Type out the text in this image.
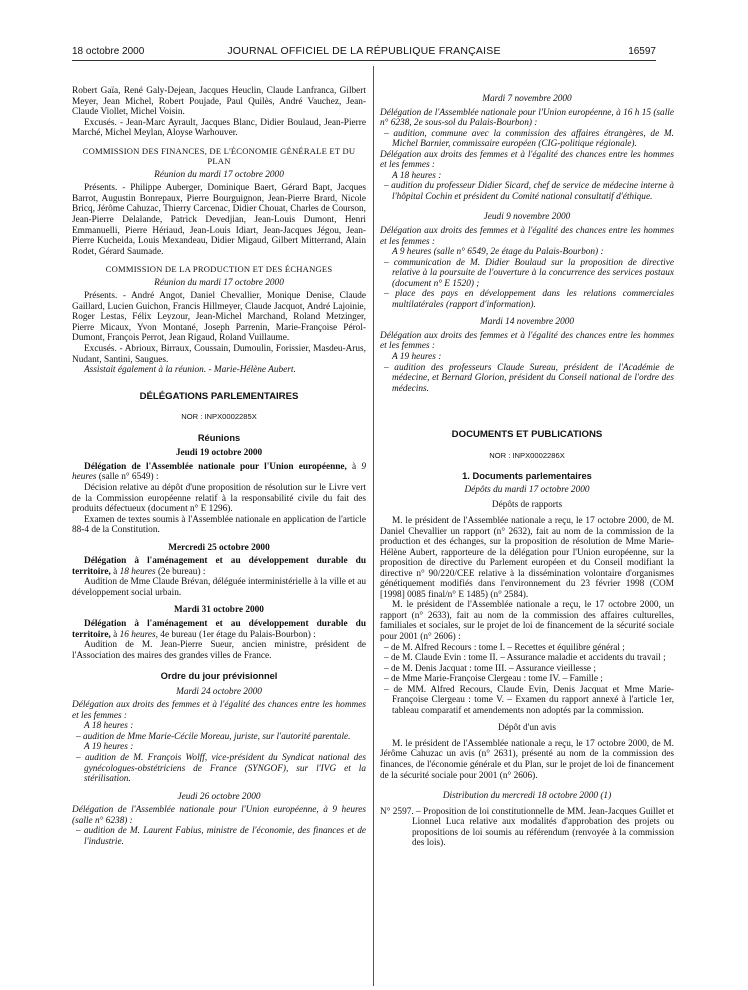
18 octobre 2000	JOURNAL OFFICIEL DE LA RÉPUBLIQUE FRANÇAISE	16597

Robert Gaïa, René Galy-Dejean, Jacques Heuclin, Claude Lanfranca, Gilbert Meyer, Jean Michel, Robert Poujade, Paul Quilès, André Vauchez, Jean-Claude Viollet, Michel Voisin.

Excusés. - Jean-Marc Ayrault, Jacques Blanc, Didier Boulaud, Jean-Pierre Marché, Michel Meylan, Aloyse Warhouver.

COMMISSION DES FINANCES, DE L'ÉCONOMIE GÉNÉRALE ET DU PLAN

Réunion du mardi 17 octobre 2000

Présents. - Philippe Auberger, Dominique Baert, Gérard Bapt, Jacques Barrot, Augustin Bonrepaux, Pierre Bourguignon, Jean-Pierre Brard, Nicole Bricq, Jérôme Cahuzac, Thierry Carcenac, Didier Chouat, Charles de Courson, Jean-Pierre Delalande, Patrick Devedjian, Jean-Louis Dumont, Henri Emmanuelli, Pierre Hériaud, Jean-Louis Idiart, Jean-Jacques Jégou, Jean-Pierre Kucheida, Louis Mexandeau, Didier Migaud, Gilbert Mitterrand, Alain Rodet, Gérard Saumade.

COMMISSION DE LA PRODUCTION ET DES ÉCHANGES

Réunion du mardi 17 octobre 2000

Présents. - André Angot, Daniel Chevallier, Monique Denise, Claude Gaillard, Lucien Guichon, Francis Hillmeyer, Claude Jacquot, André Lajoinie, Roger Lestas, Félix Leyzour, Jean-Michel Marchand, Roland Metzinger, Pierre Micaux, Yvon Montané, Joseph Parrenin, Marie-Françoise Pérol-Dumont, François Perrot, Jean Rigaud, Roland Vuillaume.

Excusés. - Abrioux, Birraux, Coussain, Dumoulin, Forissier, Masdeu-Arus, Nudant, Santini, Saugues.

Assistait également à la réunion. - Marie-Hélène Aubert.

DÉLÉGATIONS PARLEMENTAIRES

NOR : INPX0002285X

Réunions

Jeudi 19 octobre 2000

Délégation de l'Assemblée nationale pour l'Union européenne, à 9 heures (salle n° 6549) :

Décision relative au dépôt d'une proposition de résolution sur le Livre vert de la Commission européenne relatif à la responsabilité civile du fait des produits défectueux (document n° E 1296).

Examen de textes soumis à l'Assemblée nationale en application de l'article 88-4 de la Constitution.

Mercredi 25 octobre 2000

Délégation à l'aménagement et au développement durable du territoire, à 18 heures (2e bureau) :

Audition de Mme Claude Brévan, déléguée interministérielle à la ville et au développement social urbain.

Mardi 31 octobre 2000

Délégation à l'aménagement et au développement durable du territoire, à 16 heures, 4e bureau (1er étage du Palais-Bourbon) :

Audition de M. Jean-Pierre Sueur, ancien ministre, président de l'Association des maires des grandes villes de France.

Ordre du jour prévisionnel

Mardi 24 octobre 2000

Délégation aux droits des femmes et à l'égalité des chances entre les hommes et les femmes :

A 18 heures :

– audition de Mme Marie-Cécile Moreau, juriste, sur l'autorité parentale.

A 19 heures :

– audition de M. François Wolff, vice-président du Syndicat national des gynécologues-obstétriciens de France (SYNGOF), sur l'IVG et la stérilisation.

Jeudi 26 octobre 2000

Délégation de l'Assemblée nationale pour l'Union européenne, à 9 heures (salle n° 6238) :

– audition de M. Laurent Fabius, ministre de l'économie, des finances et de l'industrie.

Mardi 7 novembre 2000

Délégation de l'Assemblée nationale pour l'Union européenne, à 16 h 15 (salle n° 6238, 2e sous-sol du Palais-Bourbon) :

– audition, commune avec la commission des affaires étrangères, de M. Michel Barnier, commissaire européen (CIG-politique régionale).

Délégation aux droits des femmes et à l'égalité des chances entre les hommes et les femmes :

A 18 heures :

– audition du professeur Didier Sicard, chef de service de médecine interne à l'hôpital Cochin et président du Comité national consultatif d'éthique.

Jeudi 9 novembre 2000

Délégation aux droits des femmes et à l'égalité des chances entre les hommes et les femmes :

A 9 heures (salle n° 6549, 2e étage du Palais-Bourbon) :

– communication de M. Didier Boulaud sur la proposition de directive relative à la poursuite de l'ouverture à la concurrence des services postaux (document n° E 1520) ;

– place des pays en développement dans les relations commerciales multilatérales (rapport d'information).

Mardi 14 novembre 2000

Délégation aux droits des femmes et à l'égalité des chances entre les hommes et les femmes :

A 19 heures :

– audition des professeurs Claude Sureau, président de l'Académie de médecine, et Bernard Glorion, président du Conseil national de l'ordre des médecins.

DOCUMENTS ET PUBLICATIONS

NOR : INPX0002286X

1. Documents parlementaires

Dépôts du mardi 17 octobre 2000

Dépôts de rapports

M. le président de l'Assemblée nationale a reçu, le 17 octobre 2000, de M. Daniel Chevallier un rapport (n° 2632), fait au nom de la commission de la production et des échanges, sur la proposition de résolution de Mme Marie-Hélène Aubert, rapporteure de la délégation pour l'Union européenne, sur la proposition de directive du Parlement européen et du Conseil modifiant la directive n° 90/220/CEE relative à la dissémination volontaire d'organismes génétiquement modifiés dans l'environnement du 23 février 1998 (COM [1998] 0085 final/n° E 1485) (n° 2584).

M. le président de l'Assemblée nationale a reçu, le 17 octobre 2000, un rapport (n° 2633), fait au nom de la commission des affaires culturelles, familiales et sociales, sur le projet de loi de financement de la sécurité sociale pour 2001 (n° 2606) :

– de M. Alfred Recours : tome I. – Recettes et équilibre général ;

– de M. Claude Evin : tome II. – Assurance maladie et accidents du travail ;

– de M. Denis Jacquat : tome III. – Assurance vieillesse ;

– de Mme Marie-Françoise Clergeau : tome IV. – Famille ;

– de MM. Alfred Recours, Claude Evin, Denis Jacquat et Mme Marie-Françoise Clergeau : tome V. – Examen du rapport annexé à l'article 1er, tableau comparatif et amendements non adoptés par la commission.

Dépôt d'un avis

M. le président de l'Assemblée nationale a reçu, le 17 octobre 2000, de M. Jérôme Cahuzac un avis (n° 2631), présenté au nom de la commission des finances, de l'économie générale et du Plan, sur le projet de loi de financement de la sécurité sociale pour 2001 (n° 2606).

Distribution du mercredi 18 octobre 2000 (1)

N° 2597. – Proposition de loi constitutionnelle de MM. Jean-Jacques Guillet et Lionnel Luca relative aux modalités d'approbation des projets ou propositions de loi soumis au référendum (renvoyée à la commission des lois).
